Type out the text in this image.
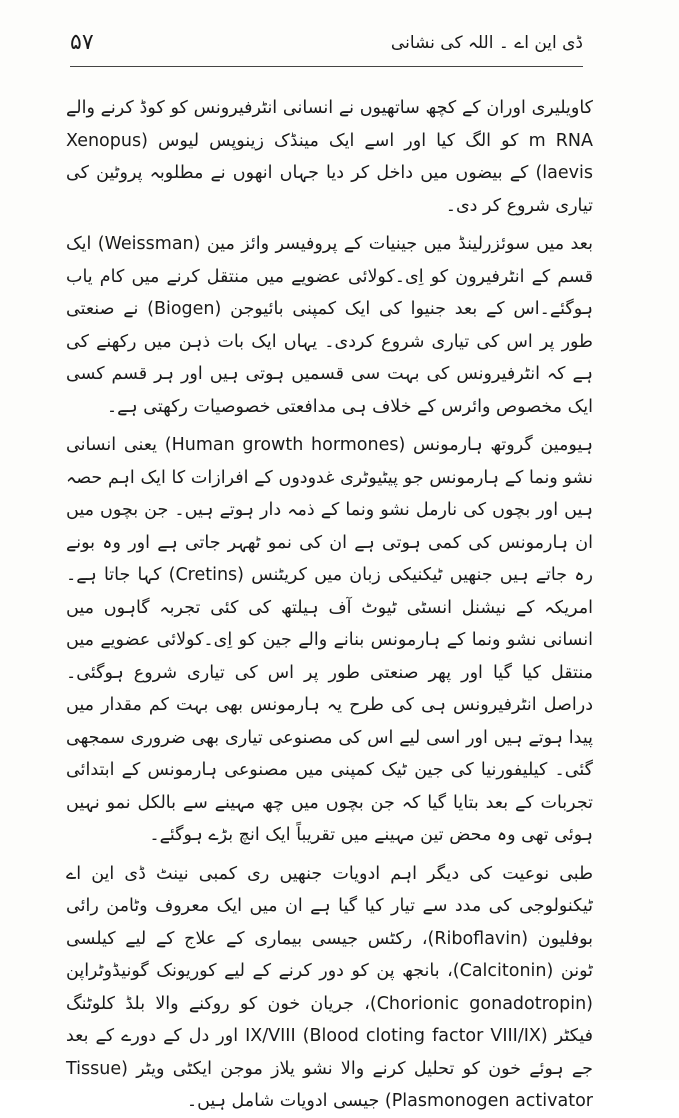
ڈی این اے ۔ اللہ کی نشانی
۵۷

کاویلیری اوران کے کچھ ساتھیوں نے انسانی انٹرفیرونس کو کوڈ کرنے والے m RNA کو الگ کیا اور اسے ایک مینڈک زینوپس لیوس (Xenopus laevis) کے بیضوں میں داخل کر دیا جہاں انھوں نے مطلوبہ پروٹین کی تیاری شروع کر دی۔

بعد میں سوئزرلینڈ میں جینیات کے پروفیسر وائز مین (Weissman) ایک قسم کے انٹرفیرون کو اِی۔کولائی عضویے میں منتقل کرنے میں کام یاب ہوگئے۔اس کے بعد جنیوا کی ایک کمپنی بائیوجن (Biogen) نے صنعتی طور پر اس کی تیاری شروع کردی۔ یہاں ایک بات ذہن میں رکھنے کی ہے کہ انٹرفیرونس کی بہت سی قسمیں ہوتی ہیں اور ہر قسم کسی ایک مخصوص وائرس کے خلاف ہی مدافعتی خصوصیات رکھتی ہے۔

ہیومین گروتھ ہارمونس (Human growth hormones) یعنی انسانی نشو ونما کے ہارمونس جو پیٹیوٹری غدودوں کے افرازات کا ایک اہم حصہ ہیں اور بچوں کی نارمل نشو ونما کے ذمہ دار ہوتے ہیں۔ جن بچوں میں ان ہارمونس کی کمی ہوتی ہے ان کی نمو ٹھہر جاتی ہے اور وہ بونے رہ جاتے ہیں جنھیں ٹیکنیکی زبان میں کریٹنس (Cretins) کہا جاتا ہے۔ امریکہ کے نیشنل انسٹی ٹیوٹ آف ہیلتھ کی کئی تجربہ گاہوں میں انسانی نشو ونما کے ہارمونس بنانے والے جین کو اِی۔کولائی عضویے میں منتقل کیا گیا اور پھر صنعتی طور پر اس کی تیاری شروع ہوگئی۔ دراصل انٹرفیرونس ہی کی طرح یہ ہارمونس بھی بہت کم مقدار میں پیدا ہوتے ہیں اور اسی لیے اس کی مصنوعی تیاری بھی ضروری سمجھی گئی۔ کیلیفورنیا کی جین ٹیک کمپنی میں مصنوعی ہارمونس کے ابتدائی تجربات کے بعد بتایا گیا کہ جن بچوں میں چھ مہینے سے بالکل نمو نہیں ہوئی تھی وہ محض تین مہینے میں تقریباً ایک انچ بڑے ہوگئے۔

طبی نوعیت کی دیگر اہم ادویات جنھیں ری کمبی نینٹ ڈی این اے ٹیکنولوجی کی مدد سے تیار کیا گیا ہے ان میں ایک معروف وٹامن رائی بوفلیون (Riboflavin)، رکٹس جیسی بیماری کے علاج کے لیے کیلسی ٹونن (Calcitonin)، بانجھ پن کو دور کرنے کے لیے کوریونک گونیڈوٹراپن (Chorionic gonadotropin)، جریان خون کو روکنے والا بلڈ کلوٹنگ فیکٹر IX/VIII (Blood cloting factor VIII/IX) اور دل کے دورے کے بعد جے ہوئے خون کو تحلیل کرنے والا نشو یلاز موجن ایکٹی ویٹر (Tissue Plasmonogen activator) جیسی ادویات شامل ہیں۔
